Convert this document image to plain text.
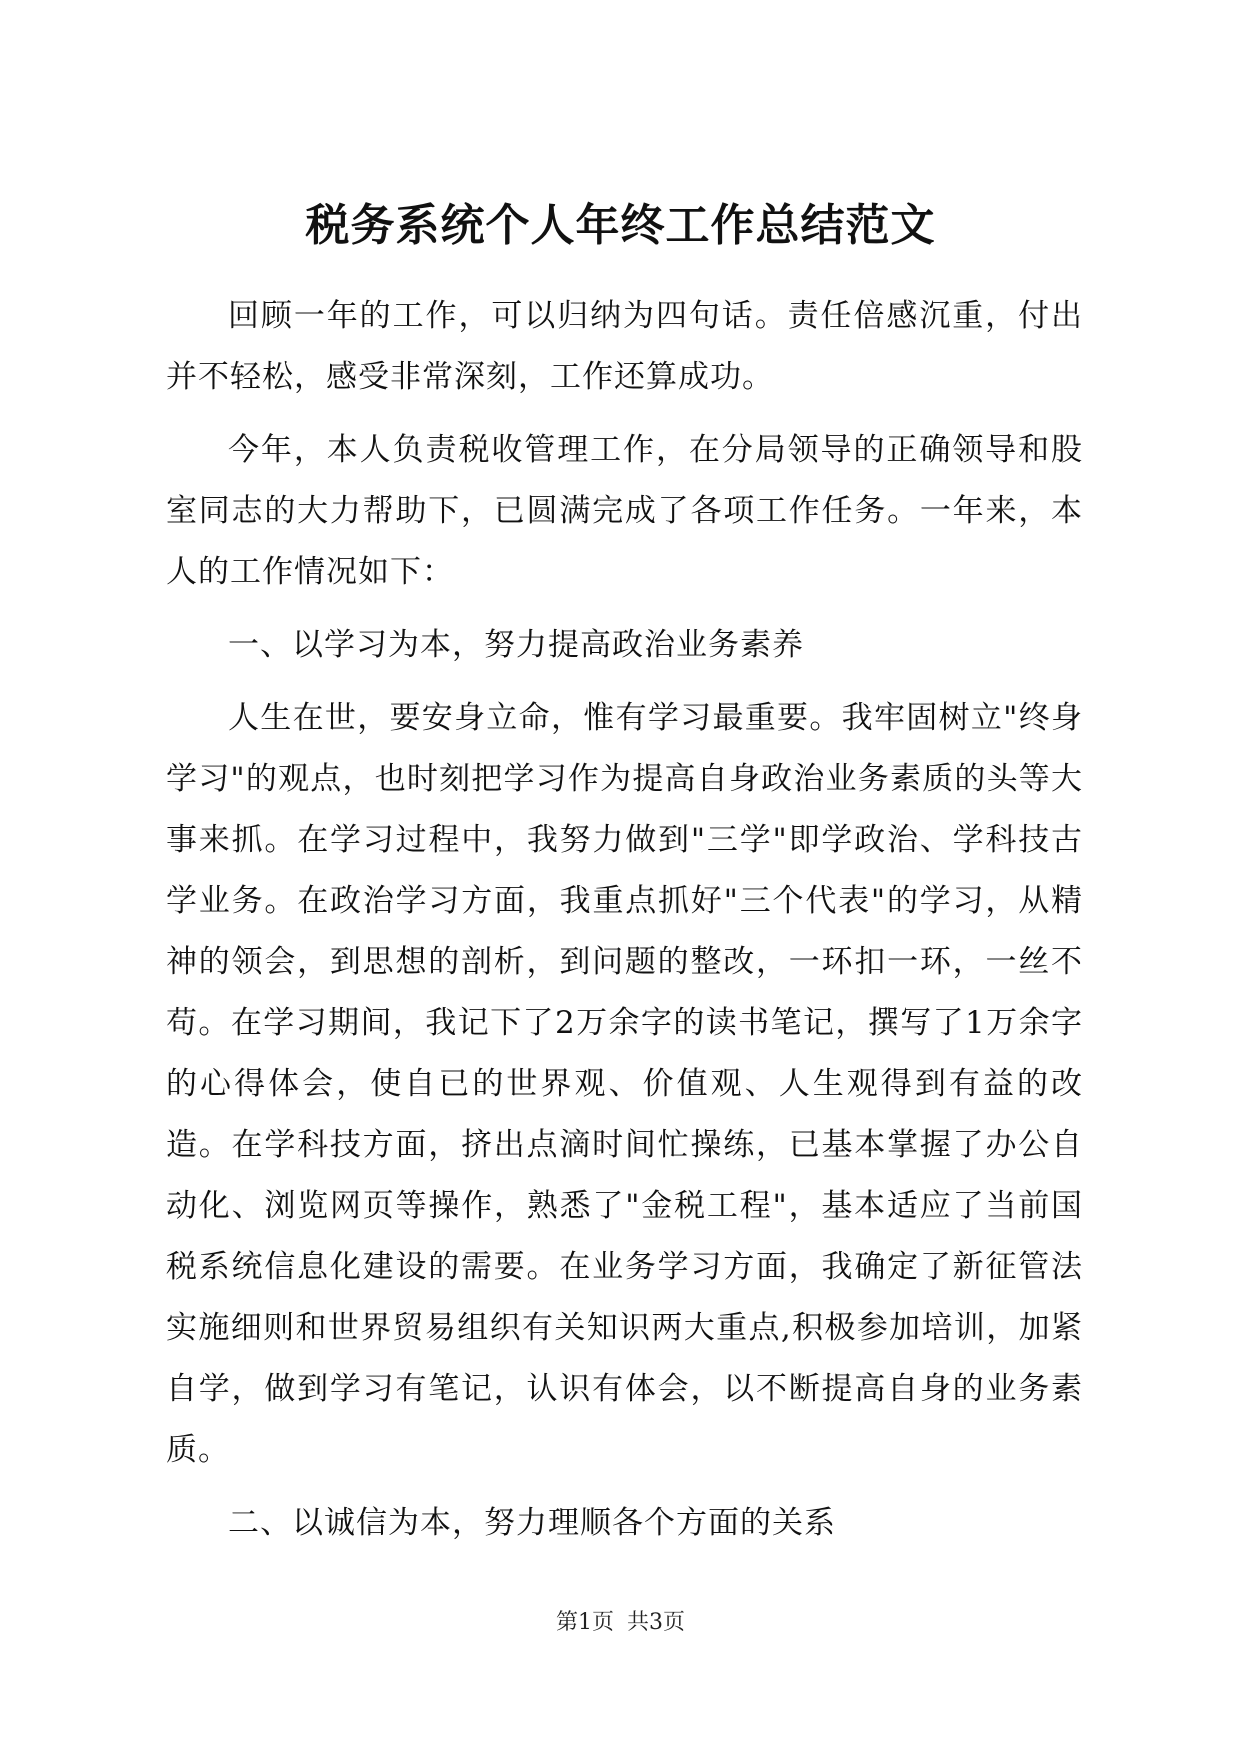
税务系统个人年终工作总结范文

回顾一年的工作，可以归纳为四句话。责任倍感沉重，付出并不轻松，感受非常深刻，工作还算成功。

今年，本人负责税收管理工作，在分局领导的正确领导和股室同志的大力帮助下，已圆满完成了各项工作任务。一年来，本人的工作情况如下：

一、以学习为本，努力提高政治业务素养

人生在世，要安身立命，惟有学习最重要。我牢固树立"终身学习"的观点，也时刻把学习作为提高自身政治业务素质的头等大事来抓。在学习过程中，我努力做到"三学"即学政治、学科技古学业务。在政治学习方面，我重点抓好"三个代表"的学习，从精神的领会，到思想的剖析，到问题的整改，一环扣一环，一丝不苟。在学习期间，我记下了2万余字的读书笔记，撰写了1万余字的心得体会，使自已的世界观、价值观、人生观得到有益的改造。在学科技方面，挤出点滴时间忙操练，已基本掌握了办公自动化、浏览网页等操作，熟悉了"金税工程"，基本适应了当前国税系统信息化建设的需要。在业务学习方面，我确定了新征管法实施细则和世界贸易组织有关知识两大重点,积极参加培训，加紧自学，做到学习有笔记，认识有体会，以不断提高自身的业务素质。

二、以诚信为本，努力理顺各个方面的关系

第1页 共3页
